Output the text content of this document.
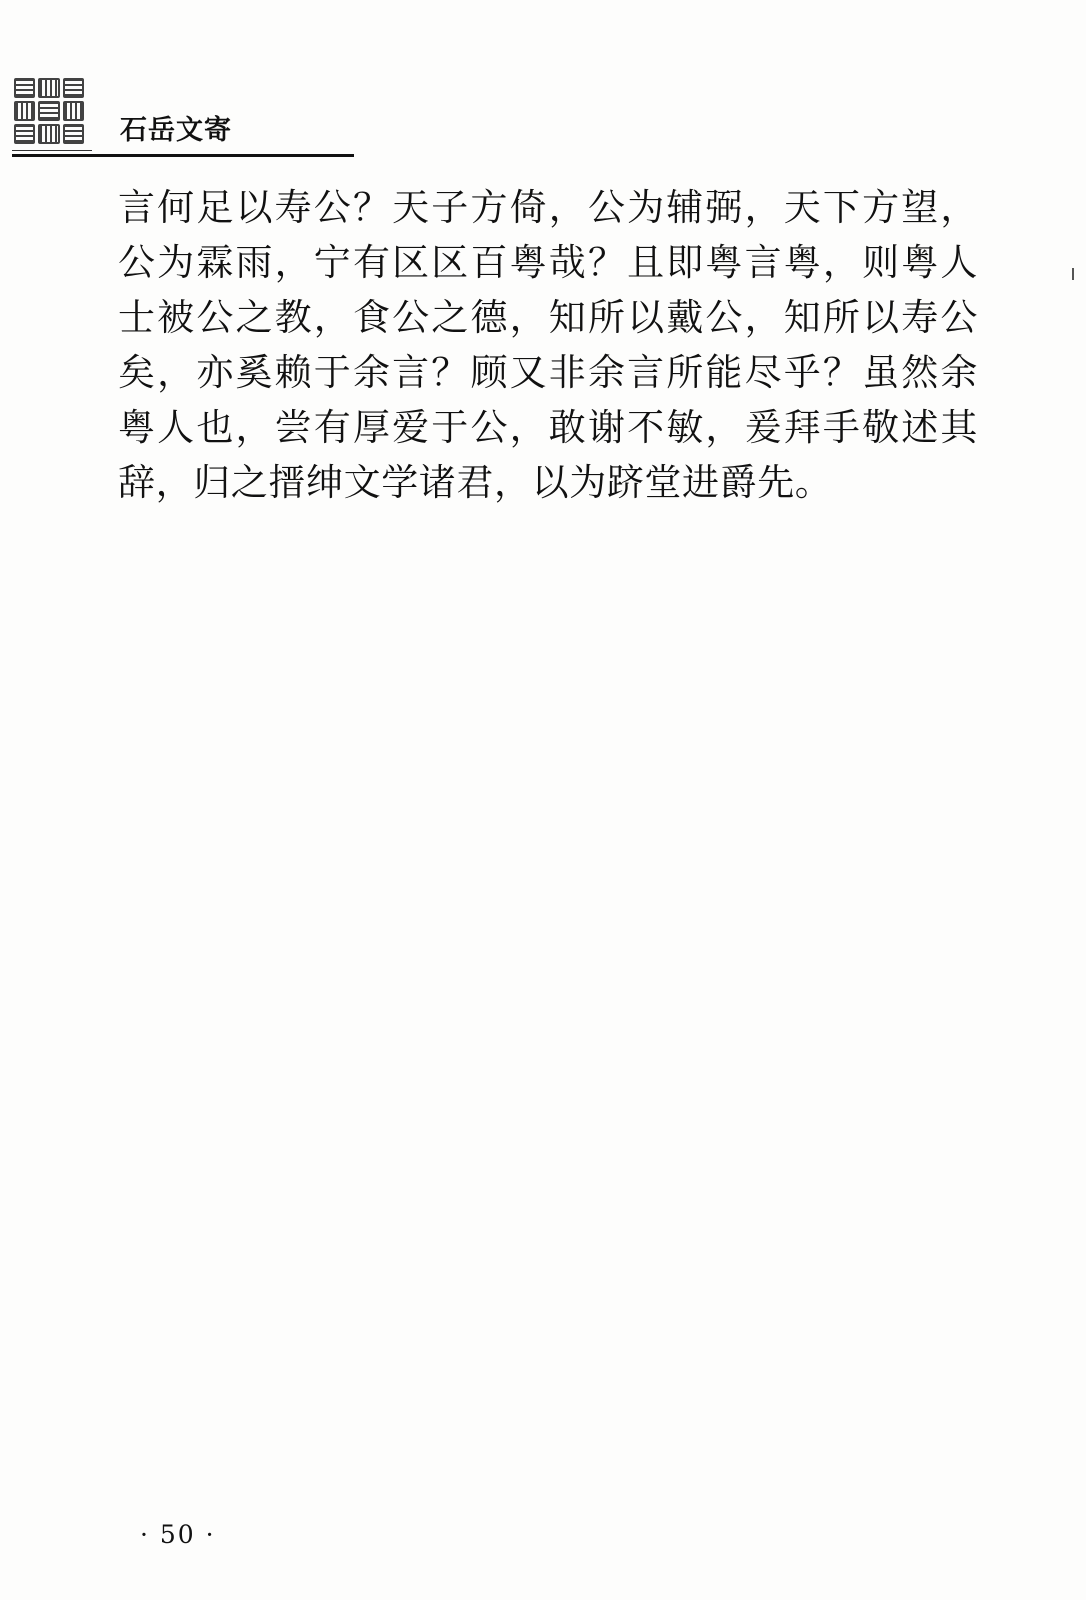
石岳文寄

言何足以寿公？天子方倚，公为辅弼，天下方望，公为霖雨，宁有区区百粤哉？且即粤言粤，则粤人士被公之教，食公之德，知所以戴公，知所以寿公矣，亦奚赖于余言？顾又非余言所能尽乎？虽然余粤人也，尝有厚爱于公，敢谢不敏，爰拜手敬述其辞，归之搢绅文学诸君，以为跻堂进爵先。

· 50 ·
